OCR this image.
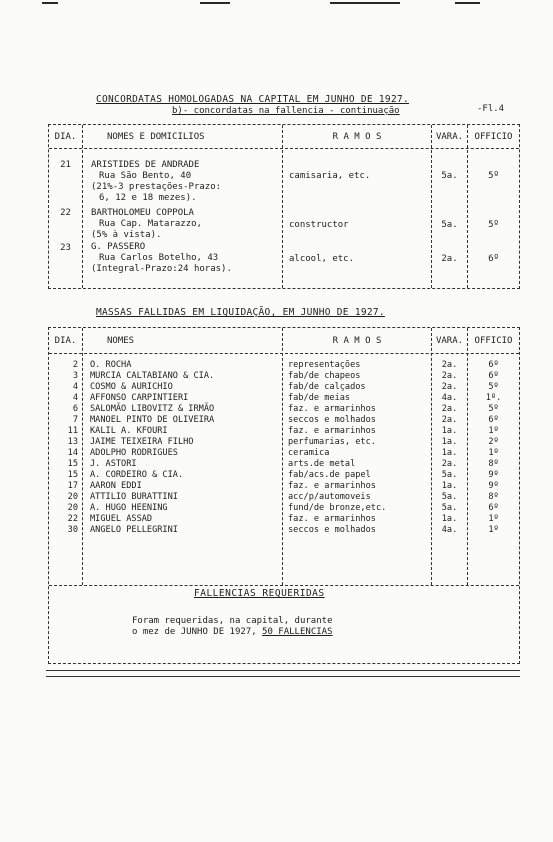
CONCORDATAS HOMOLOGADAS NA CAPITAL EM JUNHO DE 1927.
b)- concordatas na fallencia - continuação	-Fl.4
DIA.	NOMES E DOMICILIOS	R A M O S	VARA.	OFFICIO
21	ARISTIDES DE ANDRADE
Rua São Bento, 40
(21%-3 prestações-Prazo:
6, 12 e 18 mezes).
camisaria, etc.	5a.	5º
22	BARTHOLOMEU COPPOLA
Rua Cap. Matarazzo,
(5% à vista).
constructor	5a.	5º
23	G. PASSERO
Rua Carlos Botelho, 43
(Integral-Prazo:24 horas).
alcool, etc.	2a.	6º
MASSAS FALLIDAS EM LIQUIDAÇÃO, EM JUNHO DE 1927.
DIA.	NOMES	R A M O S	VARA.	OFFICIO
2 O. ROCHA	representações	2a.	6º
3 MURCIA CALTABIANO & CIA.	fab/de chapeos	2a.	6º
4 COSMO & AURICHIO	fab/de calçados	2a.	5º
4 AFFONSO CARPINTIERI	fab/de meias	4a.	1º.
6 SALOMÃO LIBOVITZ & IRMÃO	faz. e armarinhos	2a.	5º
7 MANOEL PINTO DE OLIVEIRA	seccos e molhados	2a.	6º
11 KALIL A. KFOURI	faz. e armarinhos	1a.	1º
13 JAIME TEIXEIRA FILHO	perfumarias, etc.	1a.	2º
14 ADOLPHO RODRIGUES	ceramica	1a.	1º
15 J. ASTORI	arts.de metal	2a.	8º
15 A. CORDEIRO & CIA.	fab/acs.de papel	5a.	9º
17 AARON EDDI	faz. e armarinhos	1a.	9º
20 ATTILIO BURATTINI	acc/p/automoveis	5a.	8º
20 A. HUGO HEENING	fund/de bronze,etc.	5a.	6º
22 MIGUEL ASSAD	faz. e armarinhos	1a.	1º
30 ANGELO PELLEGRINI	seccos e molhados	4a.	1º
FALLENCIAS REQUERIDAS
Foram requeridas, na capital, durante
o mez de JUNHO DE 1927, 50 FALLENCIAS
